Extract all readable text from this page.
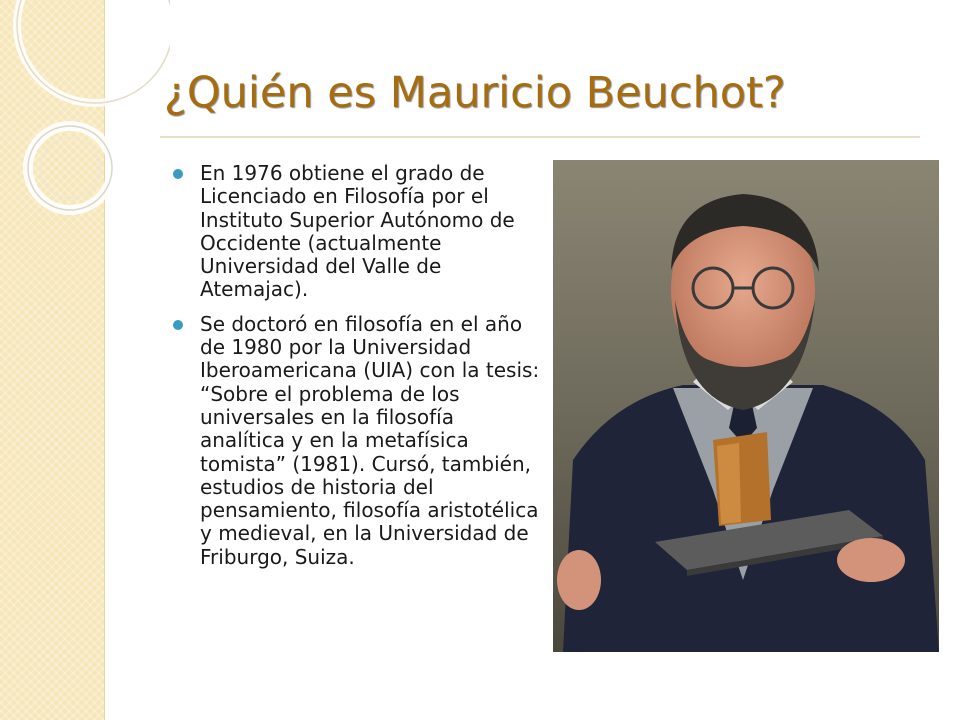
¿Quién es Mauricio Beuchot?
En 1976 obtiene el grado de Licenciado en Filosofía por el Instituto Superior Autónomo de Occidente (actualmente Universidad del Valle de Atemajac).
Se doctoró en filosofía en el año de 1980 por la Universidad Iberoamericana (UIA) con la tesis: “Sobre el problema de los universales en la filosofía analítica y en la metafísica tomista” (1981). Cursó, también, estudios de historia del pensamiento, filosofía aristotélica y medieval, en la Universidad de Friburgo, Suiza.
